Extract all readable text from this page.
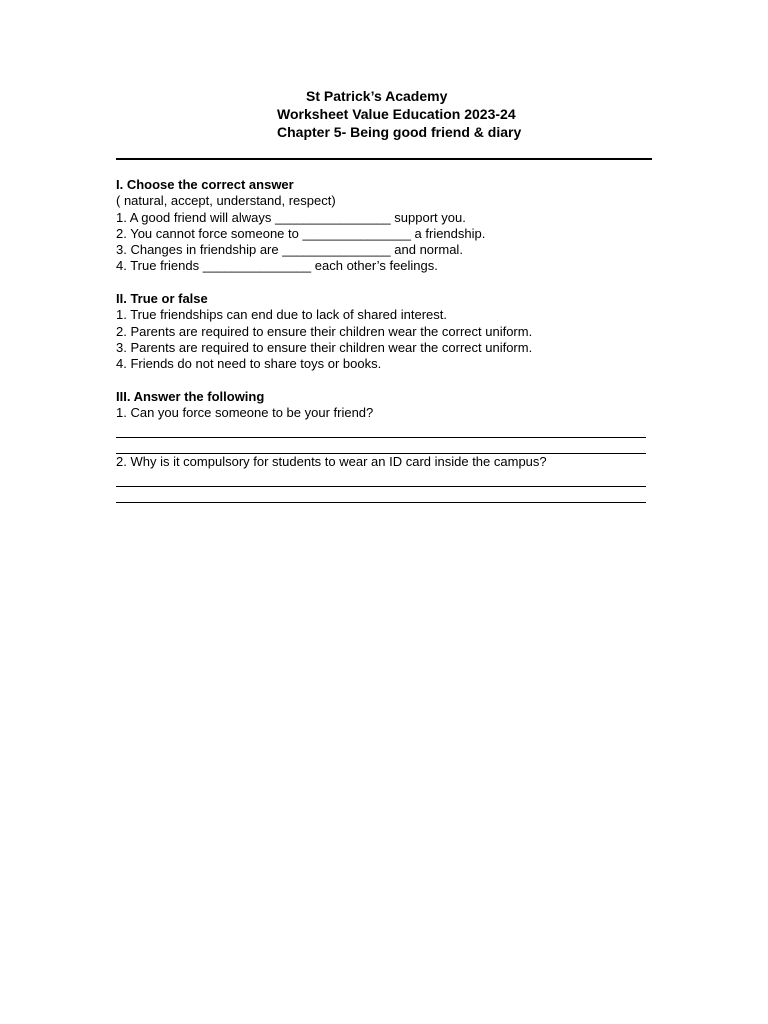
St Patrick’s Academy
Worksheet Value Education 2023-24
Chapter 5- Being good friend & diary
I. Choose the correct answer
( natural, accept, understand, respect)
1. A good friend will always ________________ support you.
2. You cannot force someone to _______________ a friendship.
3. Changes in friendship are _______________ and normal.
4. True friends _______________ each other’s feelings.
II. True or false
1. True friendships can end due to lack of shared interest.
2. Parents are required to ensure their children wear the correct uniform.
3. Parents are required to ensure their children wear the correct uniform.
4. Friends do not need to share toys or books.
III. Answer the following
1. Can you force someone to be your friend?
2. Why is it compulsory for students to wear an ID card inside the campus?
